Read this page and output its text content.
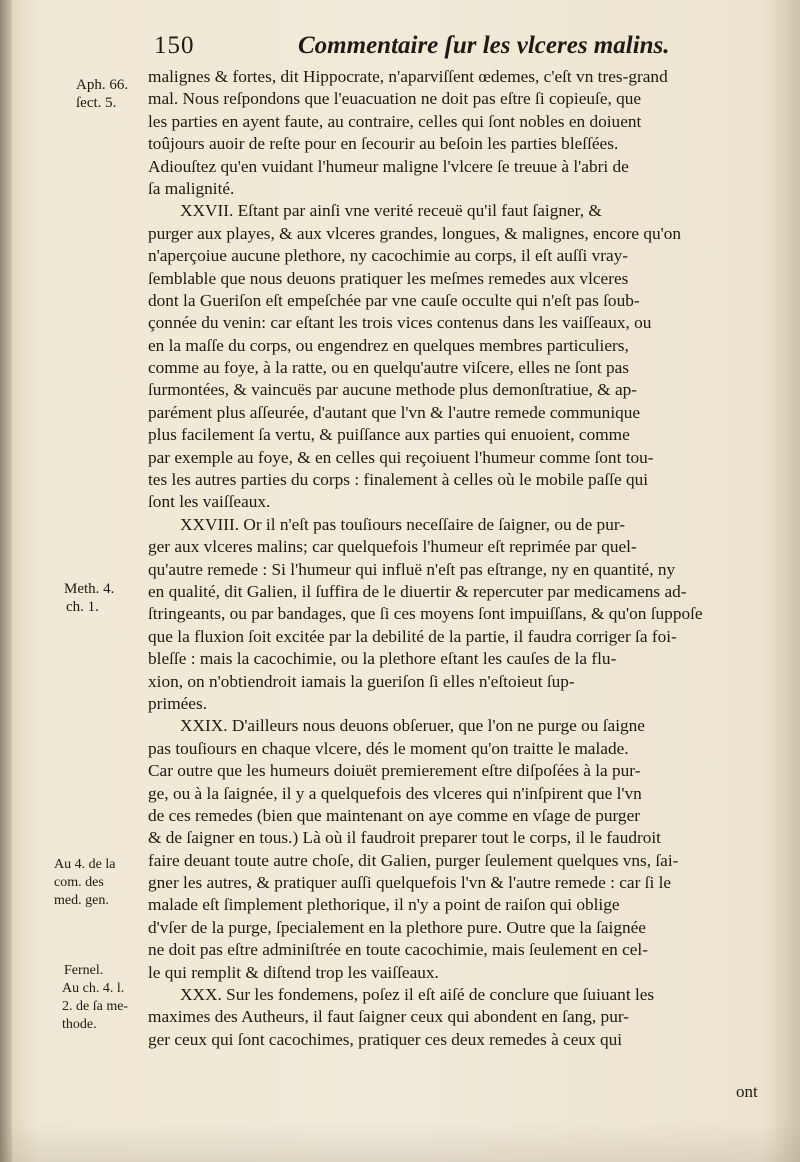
150	Commentaire ſur les vlceres malins.
Aph. 66.
ſect. 5.
Meth. 4.
ch. 1.
Au 4. de la
com. des
med. gen.
Fernel.
Au ch. 4. l.
2. de ſa me-
thode.
malignes & fortes, dit Hippocrate, n'aparviſſent œdemes, c'eſt vn tres-grand
mal. Nous reſpondons que l'euacuation ne doit pas eſtre ſi copieuſe, que
les parties en ayent faute, au contraire, celles qui ſont nobles en doiuent
toûjours auoir de reſte pour en ſecourir au beſoin les parties bleſſées.
Adiouſtez qu'en vuidant l'humeur maligne l'vlcere ſe treuue à l'abri de
ſa malignité.
XXVII. Eſtant par ainſi vne verité receuë qu'il faut ſaigner, &
purger aux playes, & aux vlceres grandes, longues, & malignes, encore qu'on
n'aperçoiue aucune plethore, ny cacochimie au corps, il eſt auſſi vray-
ſemblable que nous deuons pratiquer les meſmes remedes aux vlceres
dont la Gueriſon eſt empeſchée par vne cauſe occulte qui n'eſt pas ſoub-
çonnée du venin: car eſtant les trois vices contenus dans les vaiſſeaux, ou
en la maſſe du corps, ou engendrez en quelques membres particuliers,
comme au foye, à la ratte, ou en quelqu'autre viſcere, elles ne ſont pas
ſurmontées, & vaincuës par aucune methode plus demonſtratiue, & ap-
parément plus aſſeurée, d'autant que l'vn & l'autre remede communique
plus facilement ſa vertu, & puiſſance aux parties qui enuoient, comme
par exemple au foye, & en celles qui reçoiuent l'humeur comme ſont tou-
tes les autres parties du corps : finalement à celles où le mobile paſſe qui
ſont les vaiſſeaux.
XXVIII. Or il n'eſt pas touſiours neceſſaire de ſaigner, ou de pur-
ger aux vlceres malins; car quelquefois l'humeur eſt reprimée par quel-
qu'autre remede : Si l'humeur qui influë n'eſt pas eſtrange, ny en quantité, ny
en qualité, dit Galien, il ſuffira de le diuertir & repercuter par medicamens ad-
ſtringeants, ou par bandages, que ſi ces moyens ſont impuiſſans, & qu'on ſuppoſe
que la fluxion ſoit excitée par la debilité de la partie, il faudra corriger ſa foi-
bleſſe : mais la cacochimie, ou la plethore eſtant les cauſes de la flu-
xion, on n'obtiendroit iamais la gueriſon ſi elles n'eſtoieut ſup-
primées.
XXIX. D'ailleurs nous deuons obſeruer, que l'on ne purge ou ſaigne
pas touſiours en chaque vlcere, dés le moment qu'on traitte le malade.
Car outre que les humeurs doiuët premierement eſtre diſpoſées à la pur-
ge, ou à la ſaignée, il y a quelquefois des vlceres qui n'inſpirent que l'vn
de ces remedes (bien que maintenant on aye comme en vſage de purger
& de ſaigner en tous.) Là où il faudroit preparer tout le corps, il le faudroit
faire deuant toute autre choſe, dit Galien, purger ſeulement quelques vns, ſai-
gner les autres, & pratiquer auſſi quelquefois l'vn & l'autre remede : car ſi le
malade eſt ſimplement plethorique, il n'y a point de raiſon qui oblige
d'vſer de la purge, ſpecialement en la plethore pure. Outre que la ſaignée
ne doit pas eſtre adminiſtrée en toute cacochimie, mais ſeulement en cel-
le qui remplit & diſtend trop les vaiſſeaux.
XXX. Sur les fondemens, poſez il eſt aiſé de conclure que ſuiuant les
maximes des Autheurs, il faut ſaigner ceux qui abondent en ſang, pur-
ger ceux qui ſont cacochimes, pratiquer ces deux remedes à ceux qui
ont
